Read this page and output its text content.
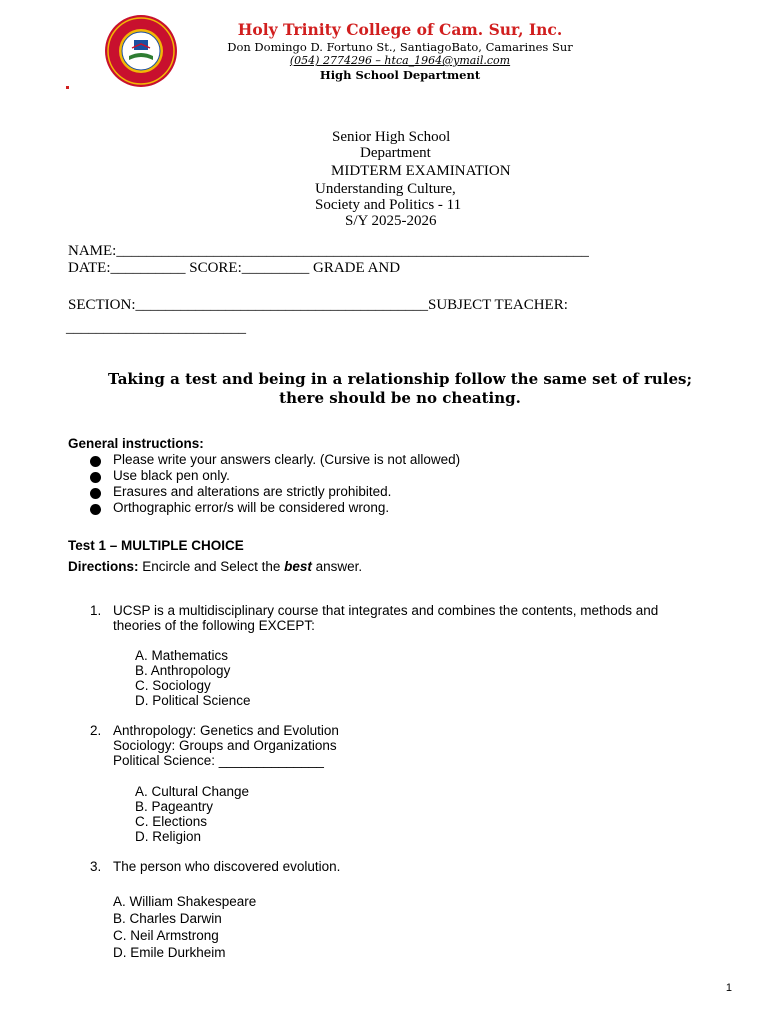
Holy Trinity College of Cam. Sur, Inc.
Don Domingo D. Fortuno St., SantiagoBato, Camarines Sur
(054) 2774296 – htca_1964@ymail.com
High School Department
Senior High School
Department
MIDTERM EXAMINATION
Understanding Culture,
Society and Politics - 11
S/Y 2025-2026
NAME:_______________________________________________________________
DATE:__________ SCORE:_________ GRADE AND
SECTION:_______________________________________SUBJECT TEACHER:
________________________
Taking a test and being in a relationship follow the same set of rules;
there should be no cheating.
General instructions:
Please write your answers clearly. (Cursive is not allowed)
Use black pen only.
Erasures and alterations are strictly prohibited.
Orthographic error/s will be considered wrong.
Test 1 – MULTIPLE CHOICE
Directions: Encircle and Select the best answer.
1. UCSP is a multidisciplinary course that integrates and combines the contents, methods and
theories of the following EXCEPT:
A. Mathematics
B. Anthropology
C. Sociology
D. Political Science
2. Anthropology: Genetics and Evolution
Sociology: Groups and Organizations
Political Science: ______________
A. Cultural Change
B. Pageantry
C. Elections
D. Religion
3. The person who discovered evolution.
A. William Shakespeare
B. Charles Darwin
C. Neil Armstrong
D. Emile Durkheim
1
